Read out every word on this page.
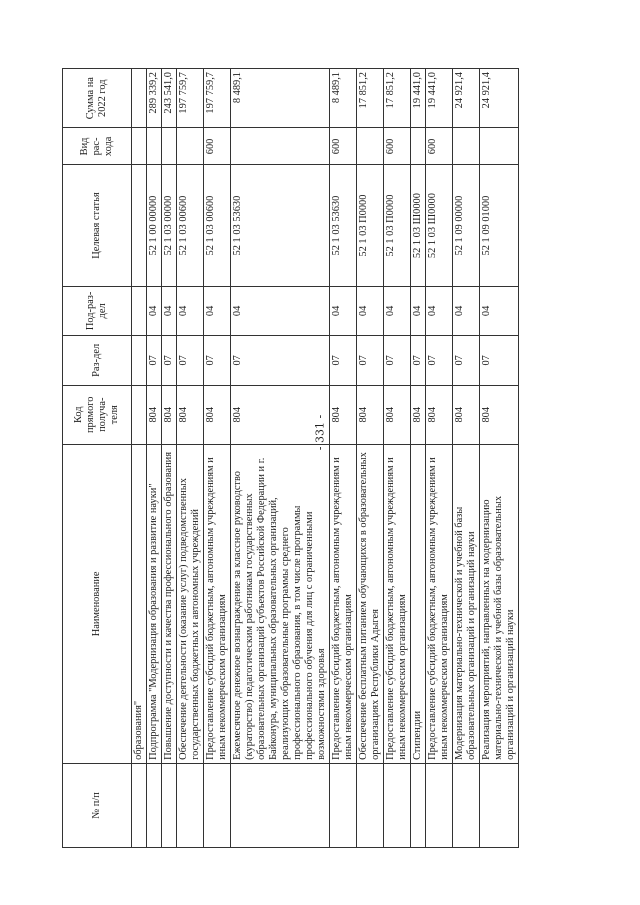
- 331 -
№ п/п	Наименование	Код прямого получа-теля	Раз-дел	Под-раз-дел	Целевая статья	Вид рас-хода	Сумма на 2022 год
	образования"						
	Подпрограмма "Модернизация образования и развитие науки"	804	07	04	52 1 00 00000		289 339,2
	Повышение доступности и качества профессионального образования	804	07	04	52 1 03 00000		243 541,0
	Обеспечение деятельности (оказание услуг) подведомственных государственных бюджетных и автономных учреждений	804	07	04	52 1 03 00600		197 759,7
	Предоставление субсидий бюджетным, автономным учреждениям и иным некоммерческим организациям	804	07	04	52 1 03 00600	600	197 759,7
	Ежемесячное денежное вознаграждение за классное руководство (кураторство) педагогическим работникам государственных образовательных организаций субъектов Российской Федерации и г. Байконура, муниципальных образовательных организаций, реализующих образовательные программы среднего профессионального образования, в том числе программы профессионального обучения для лиц с ограниченными возможностями здоровья	804	07	04	52 1 03 53630		8 489,1
	Предоставление субсидий бюджетным, автономным учреждениям и иным некоммерческим организациям	804	07	04	52 1 03 53630	600	8 489,1
	Обеспечение бесплатным питанием обучающихся в образовательных организациях Республики Адыгея	804	07	04	52 1 03 П0000		17 851,2
	Предоставление субсидий бюджетным, автономным учреждениям и иным некоммерческим организациям	804	07	04	52 1 03 П0000	600	17 851,2
	Стипендии	804	07	04	52 1 03 Ш0000		19 441,0
	Предоставление субсидий бюджетным, автономным учреждениям и иным некоммерческим организациям	804	07	04	52 1 03 Ш0000	600	19 441,0
	Модернизация материально-технической и учебной базы образовательных организаций и организаций науки	804	07	04	52 1 09 00000		24 921,4
	Реализация мероприятий, направленных на модернизацию материально-технической и учебной базы образовательных организаций и организаций науки	804	07	04	52 1 09 01000		24 921,4
